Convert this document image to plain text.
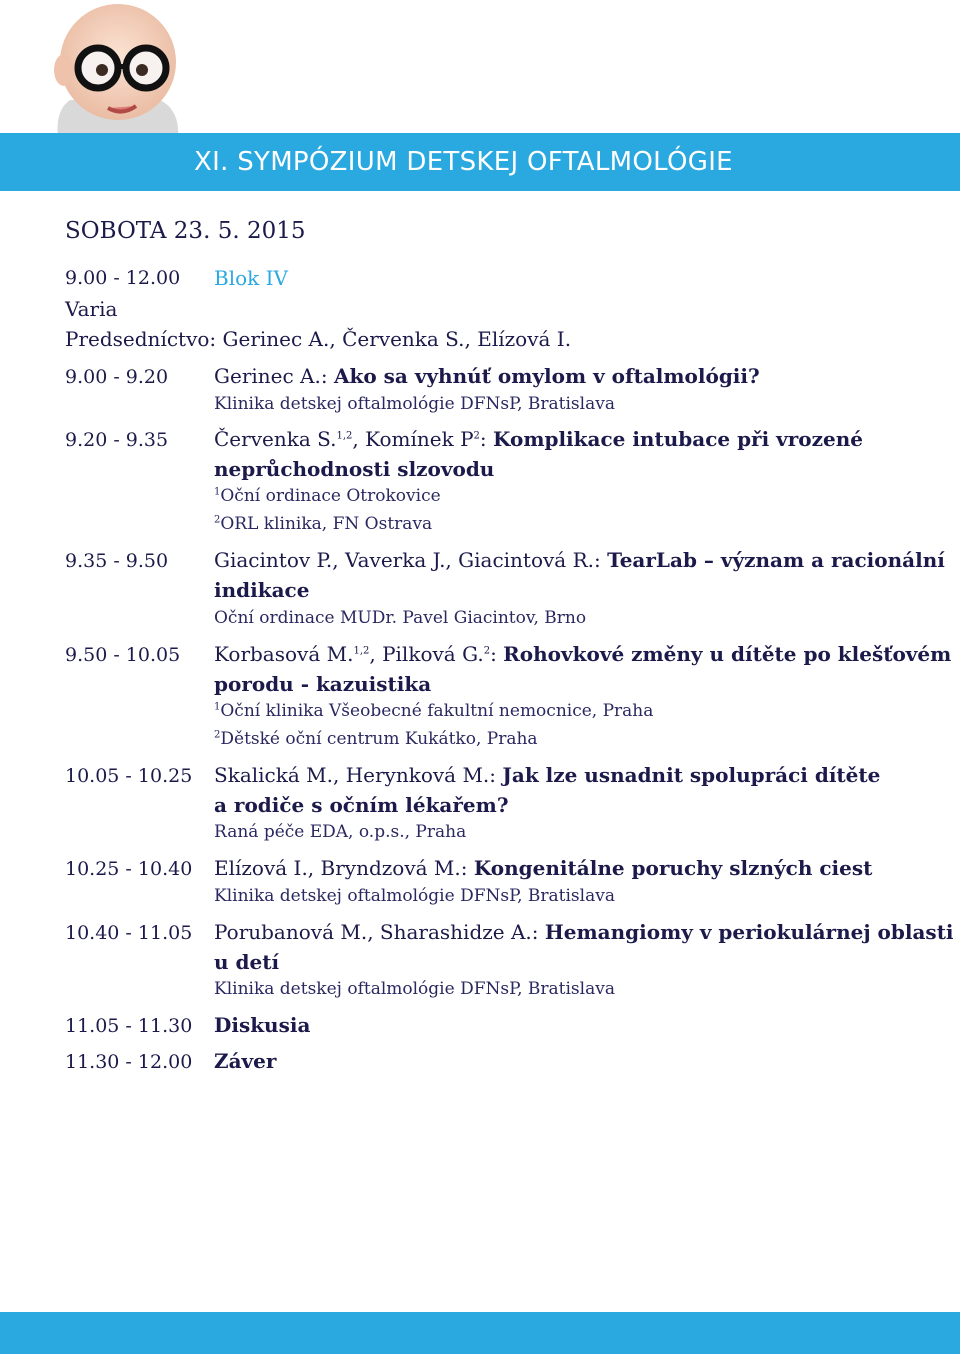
XI. SYMPÓZIUM DETSKEJ OFTALMOLÓGIE
SOBOTA 23. 5. 2015
9.00 - 12.00 Blok IV
Varia
Predsedníctvo: Gerinec A., Červenka S., Elízová I.
9.00 - 9.20 Gerinec A.: Ako sa vyhnúť omylom v oftalmológii?
Klinika detskej oftalmológie DFNsP, Bratislava
9.20 - 9.35 Červenka S.$^{1,2}$, Komínek $P^2$: Komplikace intubace při vrozené
neprůchodnosti slzovodu
$^1$Oční ordinace Otrokovice
$^2$ORL klinika, FN Ostrava
9.35 - 9.50 Giacintov P., Vaverka J., Giacintová R.: TearLab – význam a racionální
indikace
Oční ordinace MUDr. Pavel Giacintov, Brno
9.50 - 10.05 Korbasová M.$^{1,2}$, Pilková G.$^2$: Rohovkové změny u dítěte po klešťovém
porodu - kazuistika
$^1$Oční klinika Všeobecné fakultní nemocnice, Praha
$^2$Dětské oční centrum Kukátko, Praha
10.05 - 10.25 Skalická M., Herynková M.: Jak lze usnadnit spolupráci dítěte
a rodiče s očním lékařem?
Raná péče EDA, o.p.s., Praha
10.25 - 10.40 Elízová I., Bryndzová M.: Kongenitálne poruchy slzných ciest
Klinika detskej oftalmológie DFNsP, Bratislava
10.40 - 11.05 Porubanová M., Sharashidze A.: Hemangiomy v periokulárnej oblasti
u detí
Klinika detskej oftalmológie DFNsP, Bratislava
11.05 - 11.30 Diskusia
11.30 - 12.00 Záver
